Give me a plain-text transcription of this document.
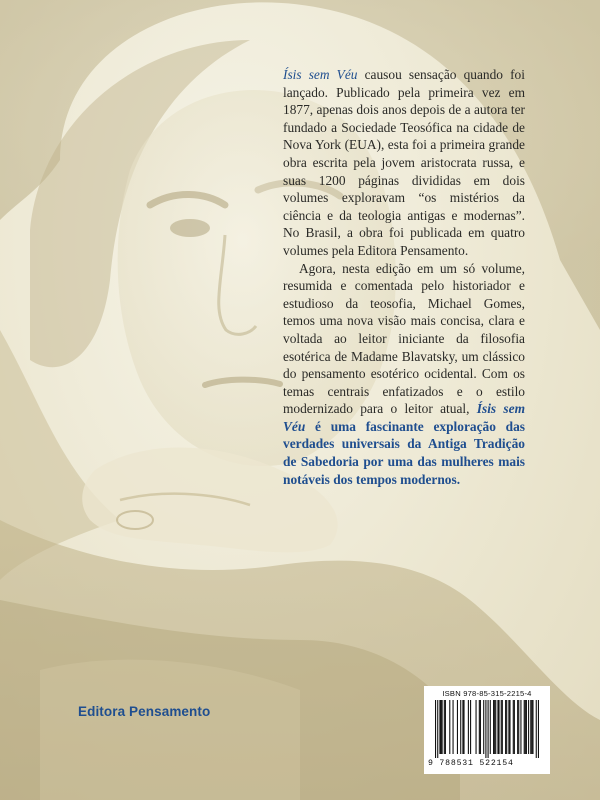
Ísis sem Véu causou sensação quando foi lançado. Publicado pela primeira vez em 1877, apenas dois anos depois de a autora ter fundado a Sociedade Teosófica na cidade de Nova York (EUA), esta foi a primeira grande obra escrita pela jovem aristocrata russa, e suas 1200 páginas divididas em dois volumes exploravam “os mistérios da ciência e da teologia antigas e modernas”. No Brasil, a obra foi publicada em quatro volumes pela Editora Pensamento.

Agora, nesta edição em um só volume, resumida e comentada pelo historiador e estudioso da teosofia, Michael Gomes, temos uma nova visão mais concisa, clara e voltada ao leitor iniciante da filosofia esotérica de Madame Blavatsky, um clássico do pensamento esotérico ocidental. Com os temas centrais enfatizados e o estilo modernizado para o leitor atual, Ísis sem Véu é uma fascinante exploração das verdades universais da Antiga Tradição de Sabedoria por uma das mulheres mais notáveis dos tempos modernos.

Editora Pensamento
ISBN 978-85-315-2215-4
9 788531 522154
